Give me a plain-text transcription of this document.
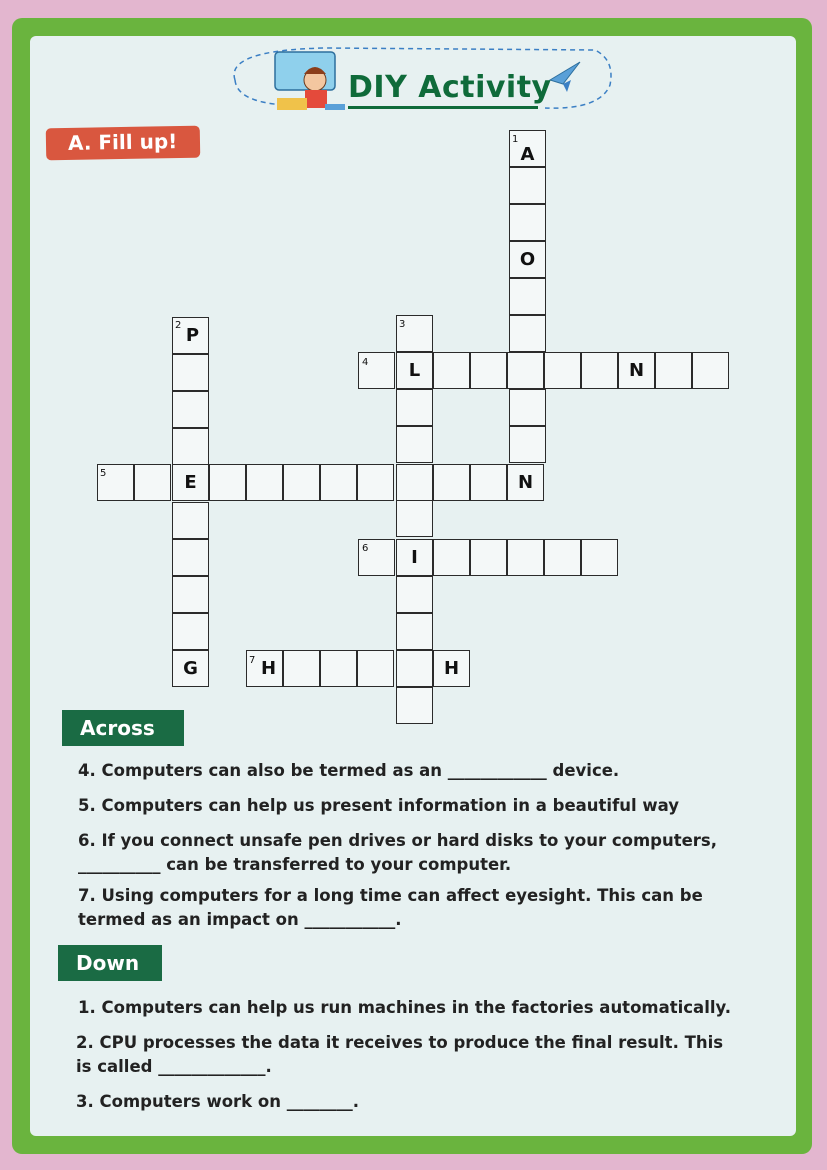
DIY Activity
A. Fill up!	1
2	3
4
5
6
7
A
O
P
L	N
E	N
I
G	H	H
Across
4. Computers can also be termed as an ____________ device.
5. Computers can help us present information in a beautiful way
6. If you connect unsafe pen drives or hard disks to your computers,
__________ can be transferred to your computer.
7. Using computers for a long time can affect eyesight. This can be
termed as an impact on ___________.
Down
1. Computers can help us run machines in the factories automatically.
2. CPU processes the data it receives to produce the final result. This
is called _____________.
3. Computers work on ________.
